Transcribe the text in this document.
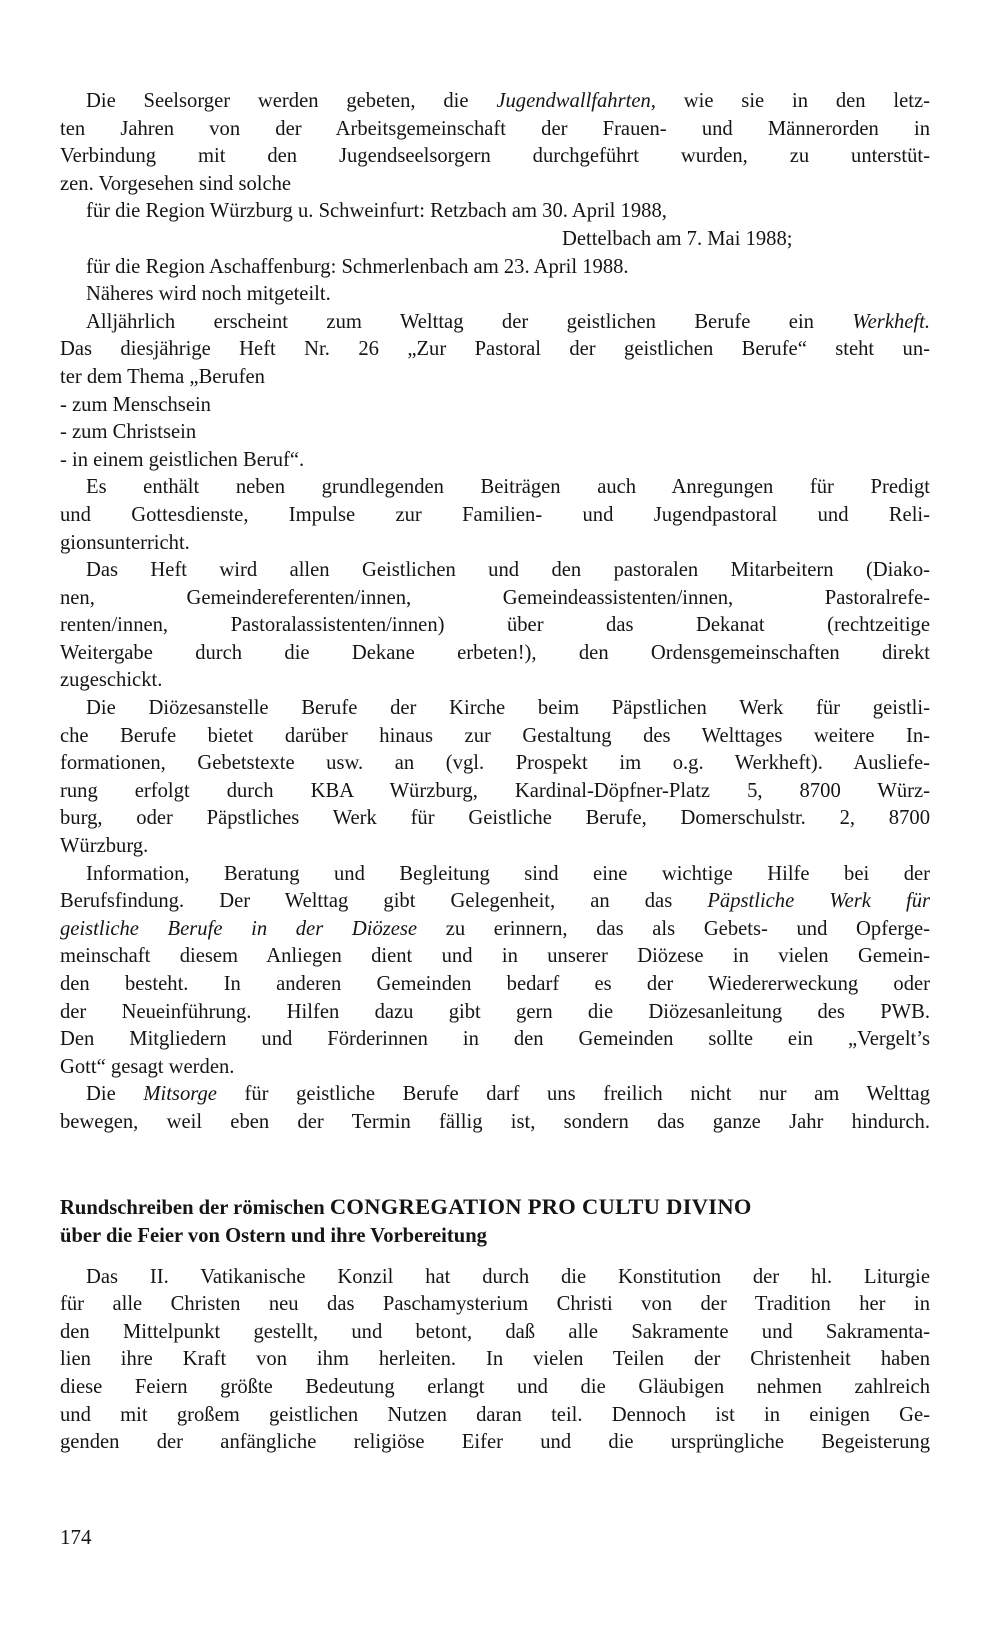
Die Seelsorger werden gebeten, die Jugendwallfahrten, wie sie in den letz-
ten Jahren von der Arbeitsgemeinschaft der Frauen- und Männerorden in
Verbindung mit den Jugendseelsorgern durchgeführt wurden, zu unterstüt-
zen. Vorgesehen sind solche
für die Region Würzburg u. Schweinfurt: Retzbach am 30. April 1988,
Dettelbach am 7. Mai 1988;
für die Region Aschaffenburg: Schmerlenbach am 23. April 1988.
Näheres wird noch mitgeteilt.
Alljährlich erscheint zum Welttag der geistlichen Berufe ein Werkheft.
Das diesjährige Heft Nr. 26 „Zur Pastoral der geistlichen Berufe“ steht un-
ter dem Thema „Berufen
- zum Menschsein
- zum Christsein
- in einem geistlichen Beruf“.
Es enthält neben grundlegenden Beiträgen auch Anregungen für Predigt
und Gottesdienste, Impulse zur Familien- und Jugendpastoral und Reli-
gionsunterricht.
Das Heft wird allen Geistlichen und den pastoralen Mitarbeitern (Diako-
nen, Gemeindereferenten/innen, Gemeindeassistenten/innen, Pastoralrefe-
renten/innen, Pastoralassistenten/innen) über das Dekanat (rechtzeitige
Weitergabe durch die Dekane erbeten!), den Ordensgemeinschaften direkt
zugeschickt.
Die Diözesanstelle Berufe der Kirche beim Päpstlichen Werk für geistli-
che Berufe bietet darüber hinaus zur Gestaltung des Welttages weitere In-
formationen, Gebetstexte usw. an (vgl. Prospekt im o.g. Werkheft). Ausliefe-
rung erfolgt durch KBA Würzburg, Kardinal-Döpfner-Platz 5, 8700 Würz-
burg, oder Päpstliches Werk für Geistliche Berufe, Domerschulstr. 2, 8700
Würzburg.
Information, Beratung und Begleitung sind eine wichtige Hilfe bei der
Berufsfindung. Der Welttag gibt Gelegenheit, an das Päpstliche Werk für
geistliche Berufe in der Diözese zu erinnern, das als Gebets- und Opferge-
meinschaft diesem Anliegen dient und in unserer Diözese in vielen Gemein-
den besteht. In anderen Gemeinden bedarf es der Wiedererweckung oder
der Neueinführung. Hilfen dazu gibt gern die Diözesanleitung des PWB.
Den Mitgliedern und Förderinnen in den Gemeinden sollte ein „Vergelt’s
Gott“ gesagt werden.
Die Mitsorge für geistliche Berufe darf uns freilich nicht nur am Welttag
bewegen, weil eben der Termin fällig ist, sondern das ganze Jahr hindurch.
Rundschreiben der römischen CONGREGATION PRO CULTU DIVINO
über die Feier von Ostern und ihre Vorbereitung
Das II. Vatikanische Konzil hat durch die Konstitution der hl. Liturgie
für alle Christen neu das Paschamysterium Christi von der Tradition her in
den Mittelpunkt gestellt, und betont, daß alle Sakramente und Sakramenta-
lien ihre Kraft von ihm herleiten. In vielen Teilen der Christenheit haben
diese Feiern größte Bedeutung erlangt und die Gläubigen nehmen zahlreich
und mit großem geistlichen Nutzen daran teil. Dennoch ist in einigen Ge-
genden der anfängliche religiöse Eifer und die ursprüngliche Begeisterung
174
